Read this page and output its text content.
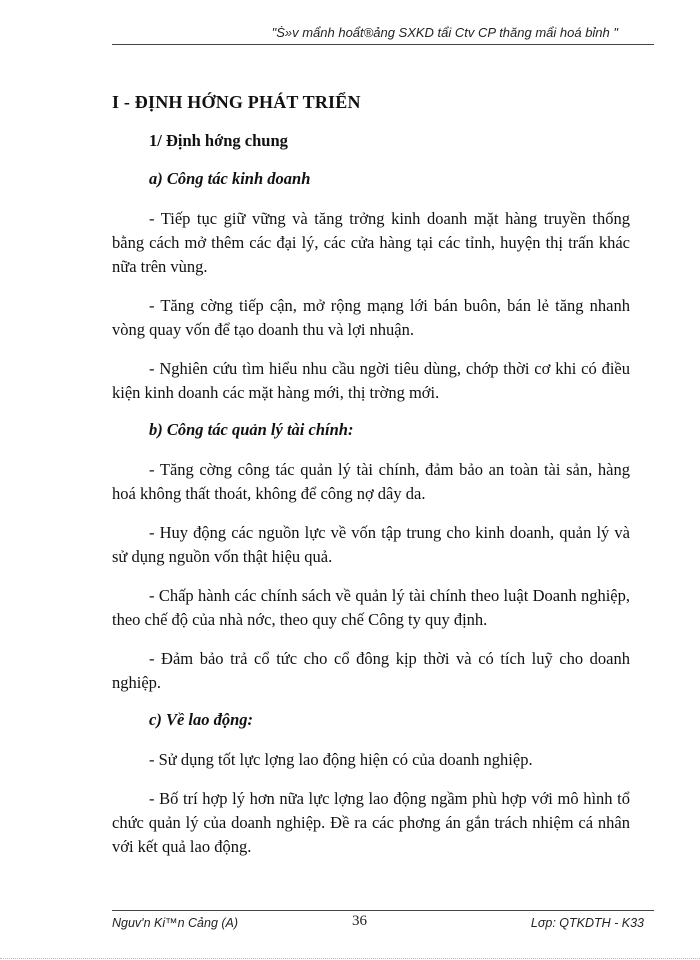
"Ṡ»v mẩnh hoẩt®ảng SXKD tẩi Ctv CP thăng mẩi hoá bỉnh "
I - ĐỊNH HỚNG PHÁT TRIỂN
1/ Định hớng chung
a) Công tác kinh doanh

- Tiếp tục giữ vững và tăng trởng kinh doanh mặt hàng truyền thống bằng cách mở thêm các đại lý, các cửa hàng tại các tỉnh, huyện thị trấn khác nữa trên vùng.

- Tăng cờng tiếp cận, mở rộng mạng lới bán buôn, bán lẻ tăng nhanh vòng quay vốn để tạo doanh thu và lợi nhuận.

- Nghiên cứu tìm hiểu nhu cầu ngời tiêu dùng, chớp thời cơ khi có điều kiện kinh doanh các mặt hàng mới, thị trờng mới.

b) Công tác quản lý tài chính:

- Tăng cờng công tác quản lý tài chính, đảm bảo an toàn tài sản, hàng hoá không thất thoát, không để công nợ dây da.

- Huy động các nguồn lực về vốn tập trung cho kinh doanh, quản lý và sử dụng nguồn vốn thật hiệu quả.

- Chấp hành các chính sách về quản lý tài chính theo luật Doanh nghiệp, theo chế độ của nhà nớc, theo quy chế Công ty quy định.

- Đảm bảo trả cổ tức cho cổ đông kịp thời và có tích luỹ cho doanh nghiệp.

c) Về lao động:

- Sử dụng tốt lực lợng lao động hiện có của doanh nghiệp.

- Bố trí hợp lý hơn nữa lực lợng lao động ngầm phù hợp với mô hình tổ chức quản lý của doanh nghiệp. Đề ra các phơng án gắn trách nhiệm cá nhân với kết quả lao động.

Nguv'n Ki™n Cảng (A)	36	Lσp: QTKDTH - K33
